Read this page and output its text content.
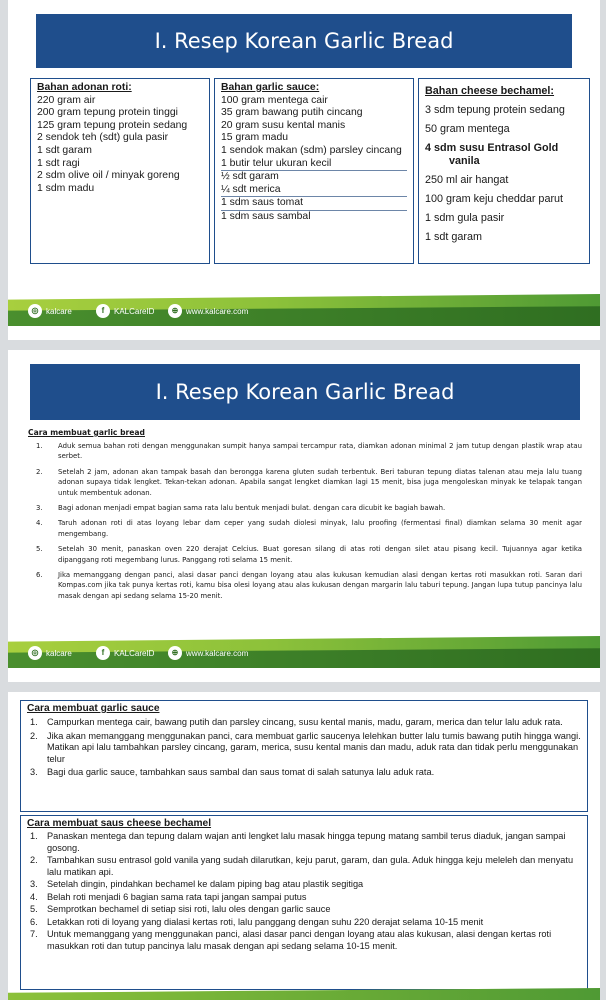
I. Resep Korean Garlic Bread
Bahan adonan roti:
220 gram air
200 gram tepung protein tinggi
125 gram tepung protein sedang
2 sendok teh (sdt) gula pasir
1 sdt garam
1 sdt ragi
2 sdm olive oil / minyak goreng
1 sdm madu
Bahan garlic sauce:
100 gram mentega cair
35 gram bawang putih cincang
20 gram susu kental manis
15 gram madu
1 sendok makan (sdm) parsley cincang
1 butir telur ukuran kecil
½ sdt garam
¼ sdt merica
1 sdm saus tomat
1 sdm saus sambal
Bahan cheese bechamel:
3 sdm tepung protein sedang
50 gram mentega
4 sdm susu Entrasol Gold
vanila
250 ml air hangat
100 gram keju cheddar parut
1 sdm gula pasir
1 sdt garam
◎ kalcare	f	KALCareID	⊕ www.kalcare.com
I. Resep Korean Garlic Bread
Cara membuat garlic bread
1.	Aduk semua bahan roti dengan menggunakan sumpit hanya sampai tercampur rata, diamkan adonan minimal 2 jam tutup dengan plastik wrap atau serbet.
2.	Setelah 2 jam, adonan akan tampak basah dan berongga karena gluten sudah terbentuk. Beri taburan tepung diatas talenan atau meja lalu tuang adonan supaya tidak lengket. Tekan-tekan adonan. Apabila sangat lengket diamkan lagi 15 menit, bisa juga mengoleskan minyak ke telapak tangan untuk membentuk adonan.
3.	Bagi adonan menjadi empat bagian sama rata lalu bentuk menjadi bulat. dengan cara dicubit ke bagiah bawah.
4.	Taruh adonan roti di atas loyang lebar dam ceper yang sudah diolesi minyak, lalu proofing (fermentasi final) diamkan selama 30 menit agar mengembang.
5.	Setelah 30 menit, panaskan oven 220 derajat Celcius. Buat goresan silang di atas roti dengan silet atau pisang kecil. Tujuannya agar ketika dipanggang roti megembang lurus. Panggang roti selama 15 menit.
6.	Jika memanggang dengan panci, alasi dasar panci dengan loyang atau alas kukusan kemudian alasi dengan kertas roti masukkan roti. Saran dari Kompas.com jika tak punya kertas roti, kamu bisa olesi loyang atau alas kukusan dengan margarin lalu taburi tepung. Jangan lupa tutup pancinya lalu masak dengan api sedang selama 15-20 menit.
◎ kalcare	f	KALCareID	⊕ www.kalcare.com
Cara membuat garlic sauce
1.	Campurkan mentega cair, bawang putih dan parsley cincang, susu kental manis, madu, garam, merica dan telur lalu aduk rata.
2.	Jika akan memanggang menggunakan panci, cara membuat garlic saucenya lelehkan butter lalu tumis bawang putih hingga wangi. Matikan api lalu tambahkan parsley cincang, garam, merica, susu kental manis dan madu, aduk rata dan tidak perlu menggunakan telur
3.	Bagi dua garlic sauce, tambahkan saus sambal dan saus tomat di salah satunya lalu aduk rata.
Cara membuat saus cheese bechamel
1.	Panaskan mentega dan tepung dalam wajan anti lengket lalu masak hingga tepung matang sambil terus diaduk, jangan sampai gosong.
2.	Tambahkan susu entrasol gold vanila yang sudah dilarutkan, keju parut, garam, dan gula. Aduk hingga keju meleleh dan menyatu lalu matikan api.
3.	Setelah dingin, pindahkan bechamel ke dalam piping bag atau plastik segitiga
4.	Belah roti menjadi 6 bagian sama rata tapi jangan sampai putus
5.	Semprotkan bechamel di setiap sisi roti, lalu oles dengan garlic sauce
6.	Letakkan roti di loyang yang dialasi kertas roti, lalu panggang dengan suhu 220 derajat selama 10-15 menit
7.	Untuk memanggang yang menggunakan panci, alasi dasar panci dengan loyang atau alas kukusan, alasi dengan kertas roti masukkan roti dan tutup pancinya lalu masak dengan api sedang selama 10-15 menit.
